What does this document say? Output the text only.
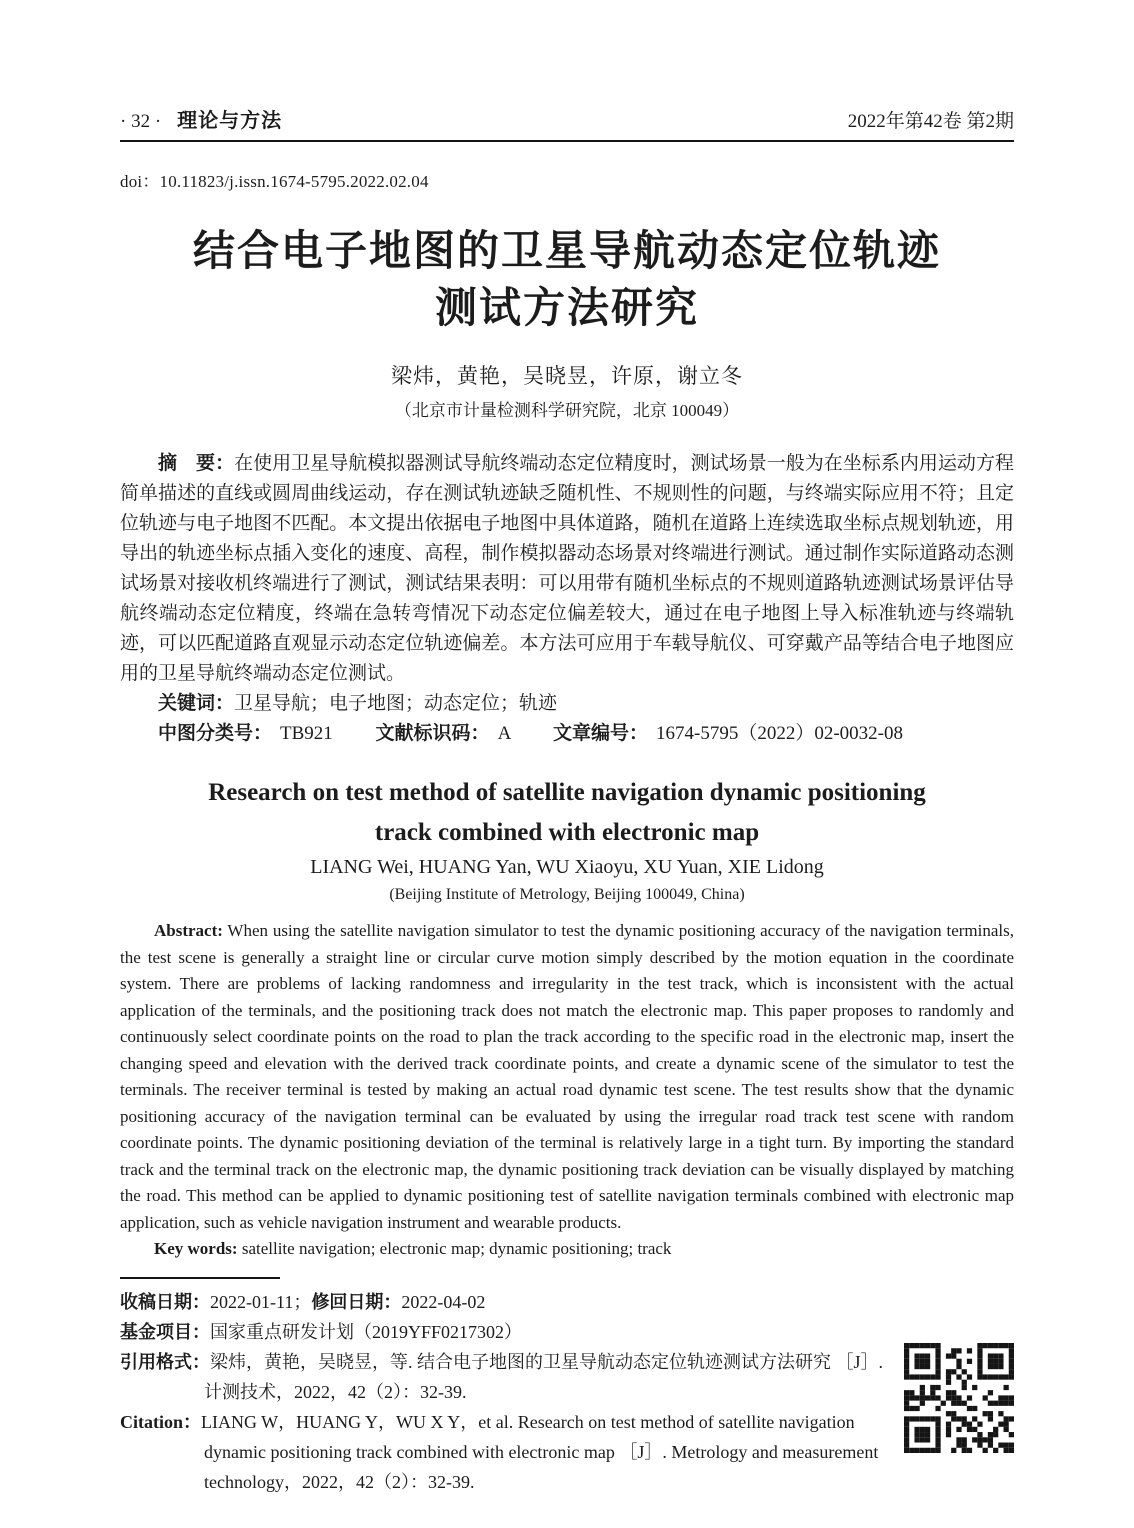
· 32 · 理论与方法	2022年第42卷 第2期
doi：10.11823/j.issn.1674-5795.2022.02.04
结合电子地图的卫星导航动态定位轨迹
测试方法研究
梁炜，黄艳，吴晓昱，许原，谢立冬
（北京市计量检测科学研究院，北京 100049）

摘　要：在使用卫星导航模拟器测试导航终端动态定位精度时，测试场景一般为在坐标系内用运动方程简单描述的直线或圆周曲线运动，存在测试轨迹缺乏随机性、不规则性的问题，与终端实际应用不符；且定位轨迹与电子地图不匹配。本文提出依据电子地图中具体道路，随机在道路上连续选取坐标点规划轨迹，用导出的轨迹坐标点插入变化的速度、高程，制作模拟器动态场景对终端进行测试。通过制作实际道路动态测试场景对接收机终端进行了测试，测试结果表明：可以用带有随机坐标点的不规则道路轨迹测试场景评估导航终端动态定位精度，终端在急转弯情况下动态定位偏差较大，通过在电子地图上导入标准轨迹与终端轨迹，可以匹配道路直观显示动态定位轨迹偏差。本方法可应用于车载导航仪、可穿戴产品等结合电子地图应用的卫星导航终端动态定位测试。

关键词：卫星导航；电子地图；动态定位；轨迹

中图分类号： TB921 文献标识码： A 文章编号： 1674-5795（2022）02-0032-08

Research on test method of satellite navigation dynamic positioning
track combined with electronic map
LIANG Wei, HUANG Yan, WU Xiaoyu, XU Yuan, XIE Lidong
(Beijing Institute of Metrology, Beijing 100049, China)

Abstract: When using the satellite navigation simulator to test the dynamic positioning accuracy of the navigation terminals, the test scene is generally a straight line or circular curve motion simply described by the motion equation in the coordinate system. There are problems of lacking randomness and irregularity in the test track, which is inconsistent with the actual application of the terminals, and the positioning track does not match the electronic map. This paper proposes to randomly and continuously select coordinate points on the road to plan the track according to the specific road in the electronic map, insert the changing speed and elevation with the derived track coordinate points, and create a dynamic scene of the simulator to test the terminals. The receiver terminal is tested by making an actual road dynamic test scene. The test results show that the dynamic positioning accuracy of the navigation terminal can be evaluated by using the irregular road track test scene with random coordinate points. The dynamic positioning deviation of the terminal is relatively large in a tight turn. By importing the standard track and the terminal track on the electronic map, the dynamic positioning track deviation can be visually displayed by matching the road. This method can be applied to dynamic positioning test of satellite navigation terminals combined with electronic map application, such as vehicle navigation instrument and wearable products.

Key words: satellite navigation; electronic map; dynamic positioning; track

收稿日期：2022-01-11；修回日期：2022-04-02

基金项目：国家重点研发计划（2019YFF0217302）

引用格式：梁炜，黄艳，吴晓昱，等. 结合电子地图的卫星导航动态定位轨迹测试方法研究 ［J］. 计测技术，2022，42（2）：32-39.

Citation：LIANG W，HUANG Y，WU X Y，et al. Research on test method of satellite navigation dynamic positioning track combined with electronic map ［J］. Metrology and measurement technology，2022，42（2）：32-39.
